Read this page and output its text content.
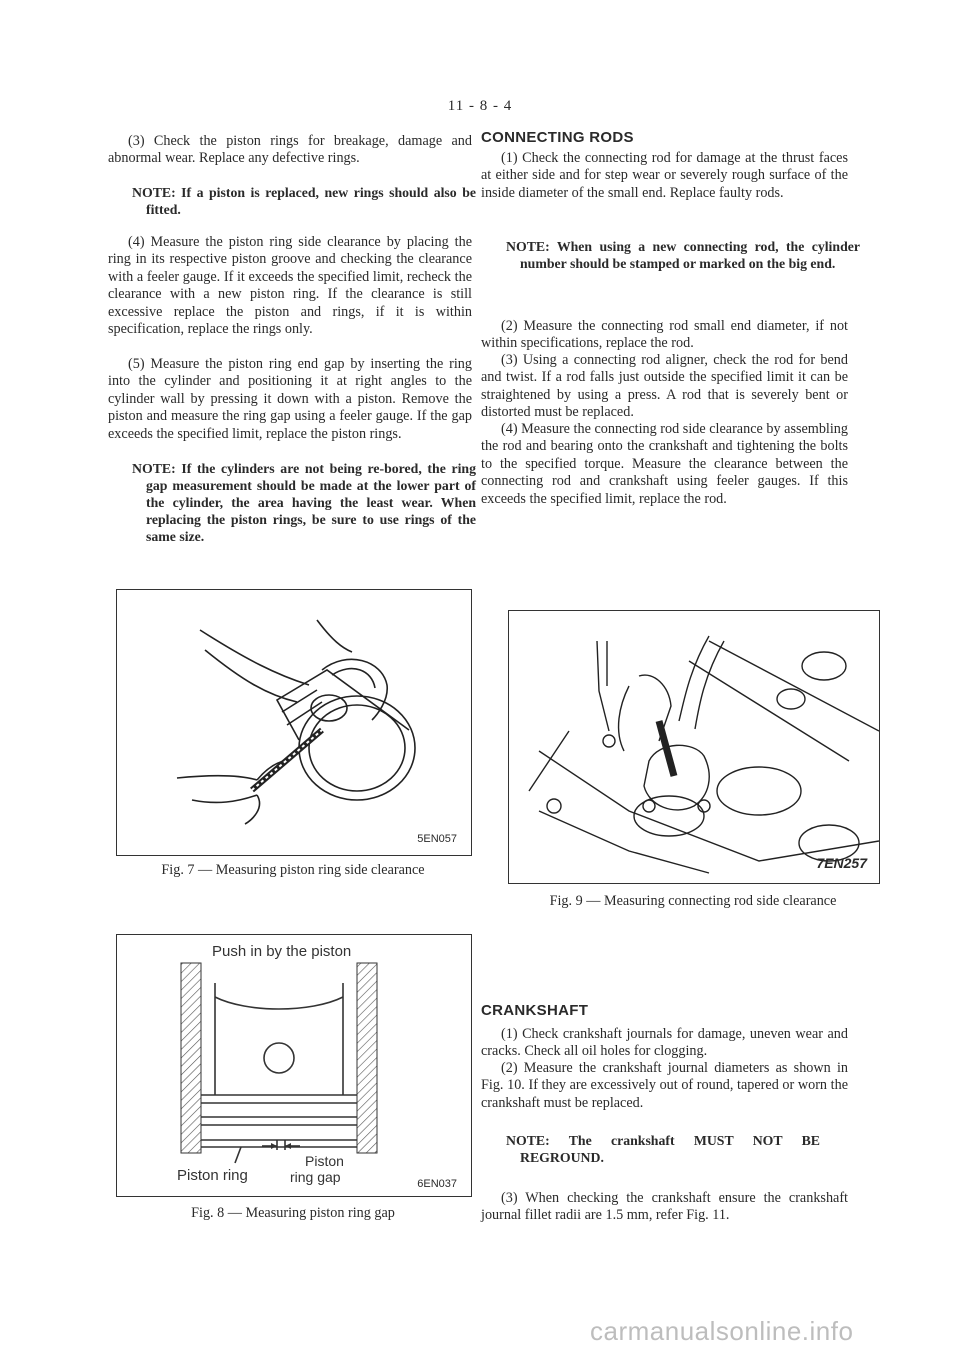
11 - 8 - 4

(3) Check the piston rings for breakage, damage and abnormal wear. Replace any defective rings.

NOTE: If a piston is replaced, new rings should also be fitted.

(4) Measure the piston ring side clearance by placing the ring in its respective piston groove and checking the clearance with a feeler gauge. If it exceeds the specified limit, recheck the clearance with a new piston ring. If the clearance is still excessive replace the piston and rings, if it is within specification, replace the rings only.

(5) Measure the piston ring end gap by inserting the ring into the cylinder and positioning it at right angles to the cylinder wall by pressing it down with a piston. Remove the piston and measure the ring gap using a feeler gauge. If the gap exceeds the specified limit, replace the piston rings.

NOTE: If the cylinders are not being re-bored, the ring gap measurement should be made at the lower part of the cylinder, the area having the least wear. When replacing the piston rings, be sure to use rings of the same size.

5EN057
Fig. 7 — Measuring piston ring side clearance
Push in by the piston
Piston ring
Piston
ring gap	6EN037
Fig. 8 — Measuring piston ring gap
CONNECTING RODS

(1) Check the connecting rod for damage at the thrust faces at either side and for step wear or severely rough surface of the inside diameter of the small end. Replace faulty rods.

NOTE: When using a new connecting rod, the cylinder number should be stamped or marked on the big end.

(2) Measure the connecting rod small end diameter, if not within specifications, replace the rod.

(3) Using a connecting rod aligner, check the rod for bend and twist. If a rod falls just outside the specified limit it can be straightened by using a press. A rod that is severely bent or distorted must be replaced.

(4) Measure the connecting rod side clearance by assembling the rod and bearing onto the crankshaft and tightening the bolts to the specified torque. Measure the clearance between the connecting rod and crankshaft using feeler gauges. If this exceeds the specified limit, replace the rod.

7EN257
Fig. 9 — Measuring connecting rod side clearance
CRANKSHAFT

(1) Check crankshaft journals for damage, uneven wear and cracks. Check all oil holes for clogging.

(2) Measure the crankshaft journal diameters as shown in Fig. 10. If they are excessively out of round, tapered or worn the crankshaft must be replaced.

NOTE: The crankshaft MUST NOT BE REGROUND.

(3) When checking the crankshaft ensure the crankshaft journal fillet radii are 1.5 mm, refer Fig. 11.

carmanualsonline.info
